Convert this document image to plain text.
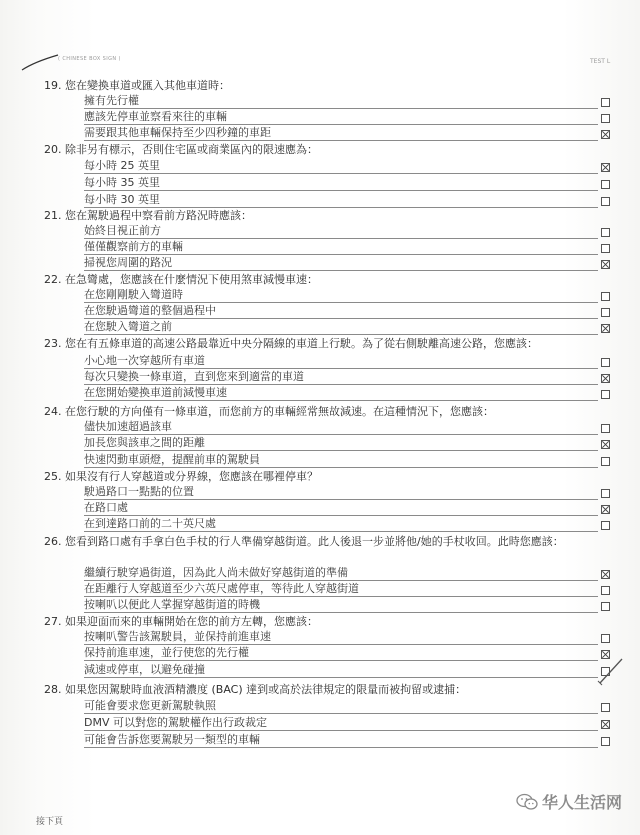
( CHINESE BOX SIGN )	TEST L
19. 您在變換車道或匯入其他車道時：
擁有先行權
應該先停車並察看來往的車輛
需要跟其他車輛保持至少四秒鐘的車距
20. 除非另有標示，否則住宅區或商業區內的限速應為：
每小時 25 英里
每小時 35 英里
每小時 30 英里
21. 您在駕駛過程中察看前方路況時應該：
始終目視正前方
僅僅觀察前方的車輛
掃視您周圍的路況
22. 在急彎處，您應該在什麼情況下使用煞車減慢車速：
在您剛剛駛入彎道時
在您駛過彎道的整個過程中
在您駛入彎道之前
23. 您在有五條車道的高速公路最靠近中央分隔線的車道上行駛。為了從右側駛離高速公路，您應該：
小心地一次穿越所有車道
每次只變換一條車道，直到您來到適當的車道
在您開始變換車道前減慢車速
24. 在您行駛的方向僅有一條車道，而您前方的車輛經常無故減速。在這種情況下，您應該：
儘快加速超過該車
加長您與該車之間的距離
快速閃動車頭燈，提醒前車的駕駛員
25. 如果沒有行人穿越道或分界線，您應該在哪裡停車？
駛過路口一點點的位置
在路口處
在到達路口前的二十英尺處
26. 您看到路口處有手拿白色手杖的行人準備穿越街道。此人後退一步並將他/她的手杖收回。此時您應該：
繼續行駛穿過街道，因為此人尚未做好穿越街道的準備
在距離行人穿越道至少六英尺處停車，等待此人穿越街道
按喇叭以便此人掌握穿越街道的時機
27. 如果迎面而來的車輛開始在您的前方左轉，您應該：
按喇叭警告該駕駛員，並保持前進車速
保持前進車速，並行使您的先行權
減速或停車，以避免碰撞
28. 如果您因駕駛時血液酒精濃度 (BAC) 達到或高於法律規定的限量而被拘留或逮捕：
可能會要求您更新駕駛執照
DMV 可以對您的駕駛權作出行政裁定
可能會告訴您要駕駛另一類型的車輛
接下頁
华人生活网
